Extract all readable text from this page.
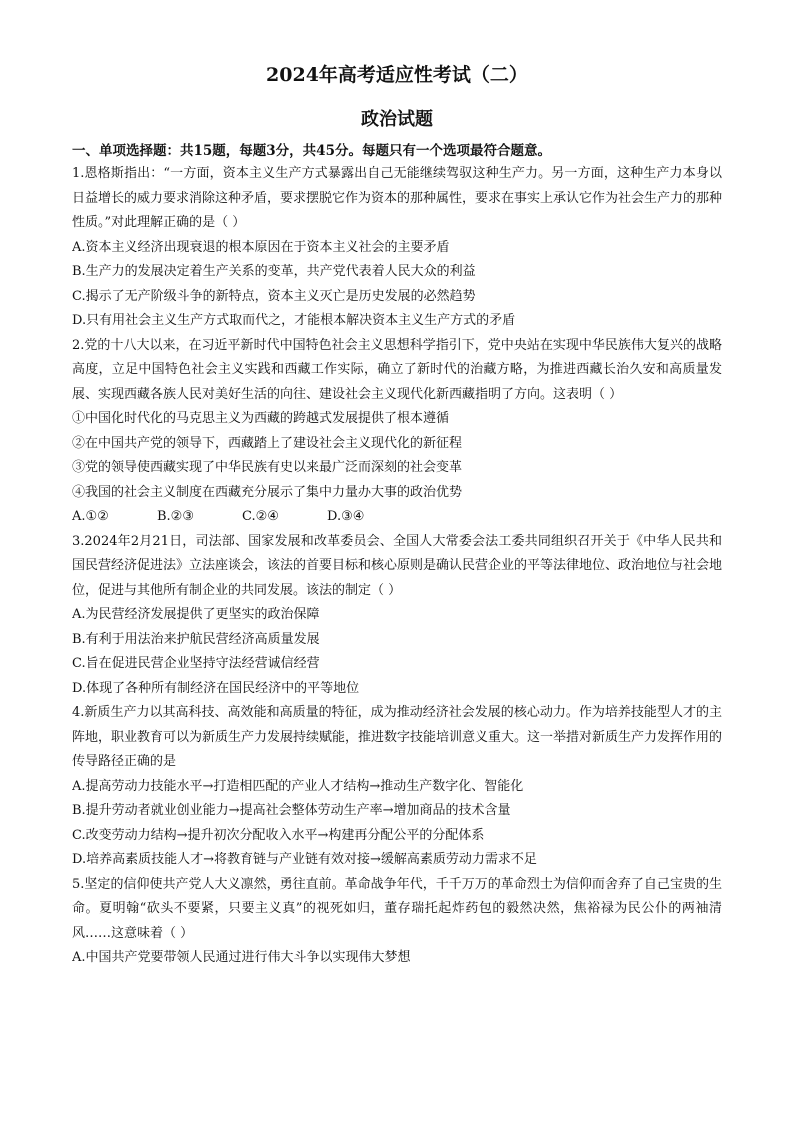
2024年高考适应性考试（二）
政治试题

一、单项选择题：共15题，每题3分，共45分。每题只有一个选项最符合题意。

1.恩格斯指出：“一方面，资本主义生产方式暴露出自己无能继续驾驭这种生产力。另一方面，这种生产力本身以日益增长的威力要求消除这种矛盾，要求摆脱它作为资本的那种属性，要求在事实上承认它作为社会生产力的那种性质。”对此理解正确的是（ ）

A.资本主义经济出现衰退的根本原因在于资本主义社会的主要矛盾

B.生产力的发展决定着生产关系的变革，共产党代表着人民大众的利益

C.揭示了无产阶级斗争的新特点，资本主义灭亡是历史发展的必然趋势

D.只有用社会主义生产方式取而代之，才能根本解决资本主义生产方式的矛盾

2.党的十八大以来，在习近平新时代中国特色社会主义思想科学指引下，党中央站在实现中华民族伟大复兴的战略高度，立足中国特色社会主义实践和西藏工作实际，确立了新时代的治藏方略，为推进西藏长治久安和高质量发展、实现西藏各族人民对美好生活的向往、建设社会主义现代化新西藏指明了方向。这表明（ ）

①中国化时代化的马克思主义为西藏的跨越式发展提供了根本遵循

②在中国共产党的领导下，西藏踏上了建设社会主义现代化的新征程

③党的领导使西藏实现了中华民族有史以来最广泛而深刻的社会变革

④我国的社会主义制度在西藏充分展示了集中力量办大事的政治优势

A.①②	B.②③	C.②④	D.③④

3.2024年2月21日，司法部、国家发展和改革委员会、全国人大常委会法工委共同组织召开关于《中华人民共和国民营经济促进法》立法座谈会，该法的首要目标和核心原则是确认民营企业的平等法律地位、政治地位与社会地位，促进与其他所有制企业的共同发展。该法的制定（ ）

A.为民营经济发展提供了更坚实的政治保障

B.有利于用法治来护航民营经济高质量发展

C.旨在促进民营企业坚持守法经营诚信经营

D.体现了各种所有制经济在国民经济中的平等地位

4.新质生产力以其高科技、高效能和高质量的特征，成为推动经济社会发展的核心动力。作为培养技能型人才的主阵地，职业教育可以为新质生产力发展持续赋能，推进数字技能培训意义重大。这一举措对新质生产力发挥作用的传导路径正确的是

A.提高劳动力技能水平→打造相匹配的产业人才结构→推动生产数字化、智能化

B.提升劳动者就业创业能力→提高社会整体劳动生产率→增加商品的技术含量

C.改变劳动力结构→提升初次分配收入水平→构建再分配公平的分配体系

D.培养高素质技能人才→将教育链与产业链有效对接→缓解高素质劳动力需求不足

5.坚定的信仰使共产党人大义凛然，勇往直前。革命战争年代，千千万万的革命烈士为信仰而舍弃了自己宝贵的生命。夏明翰“砍头不要紧，只要主义真”的视死如归，董存瑞托起炸药包的毅然决然，焦裕禄为民公仆的两袖清风……这意味着（ ）

A.中国共产党要带领人民通过进行伟大斗争以实现伟大梦想
